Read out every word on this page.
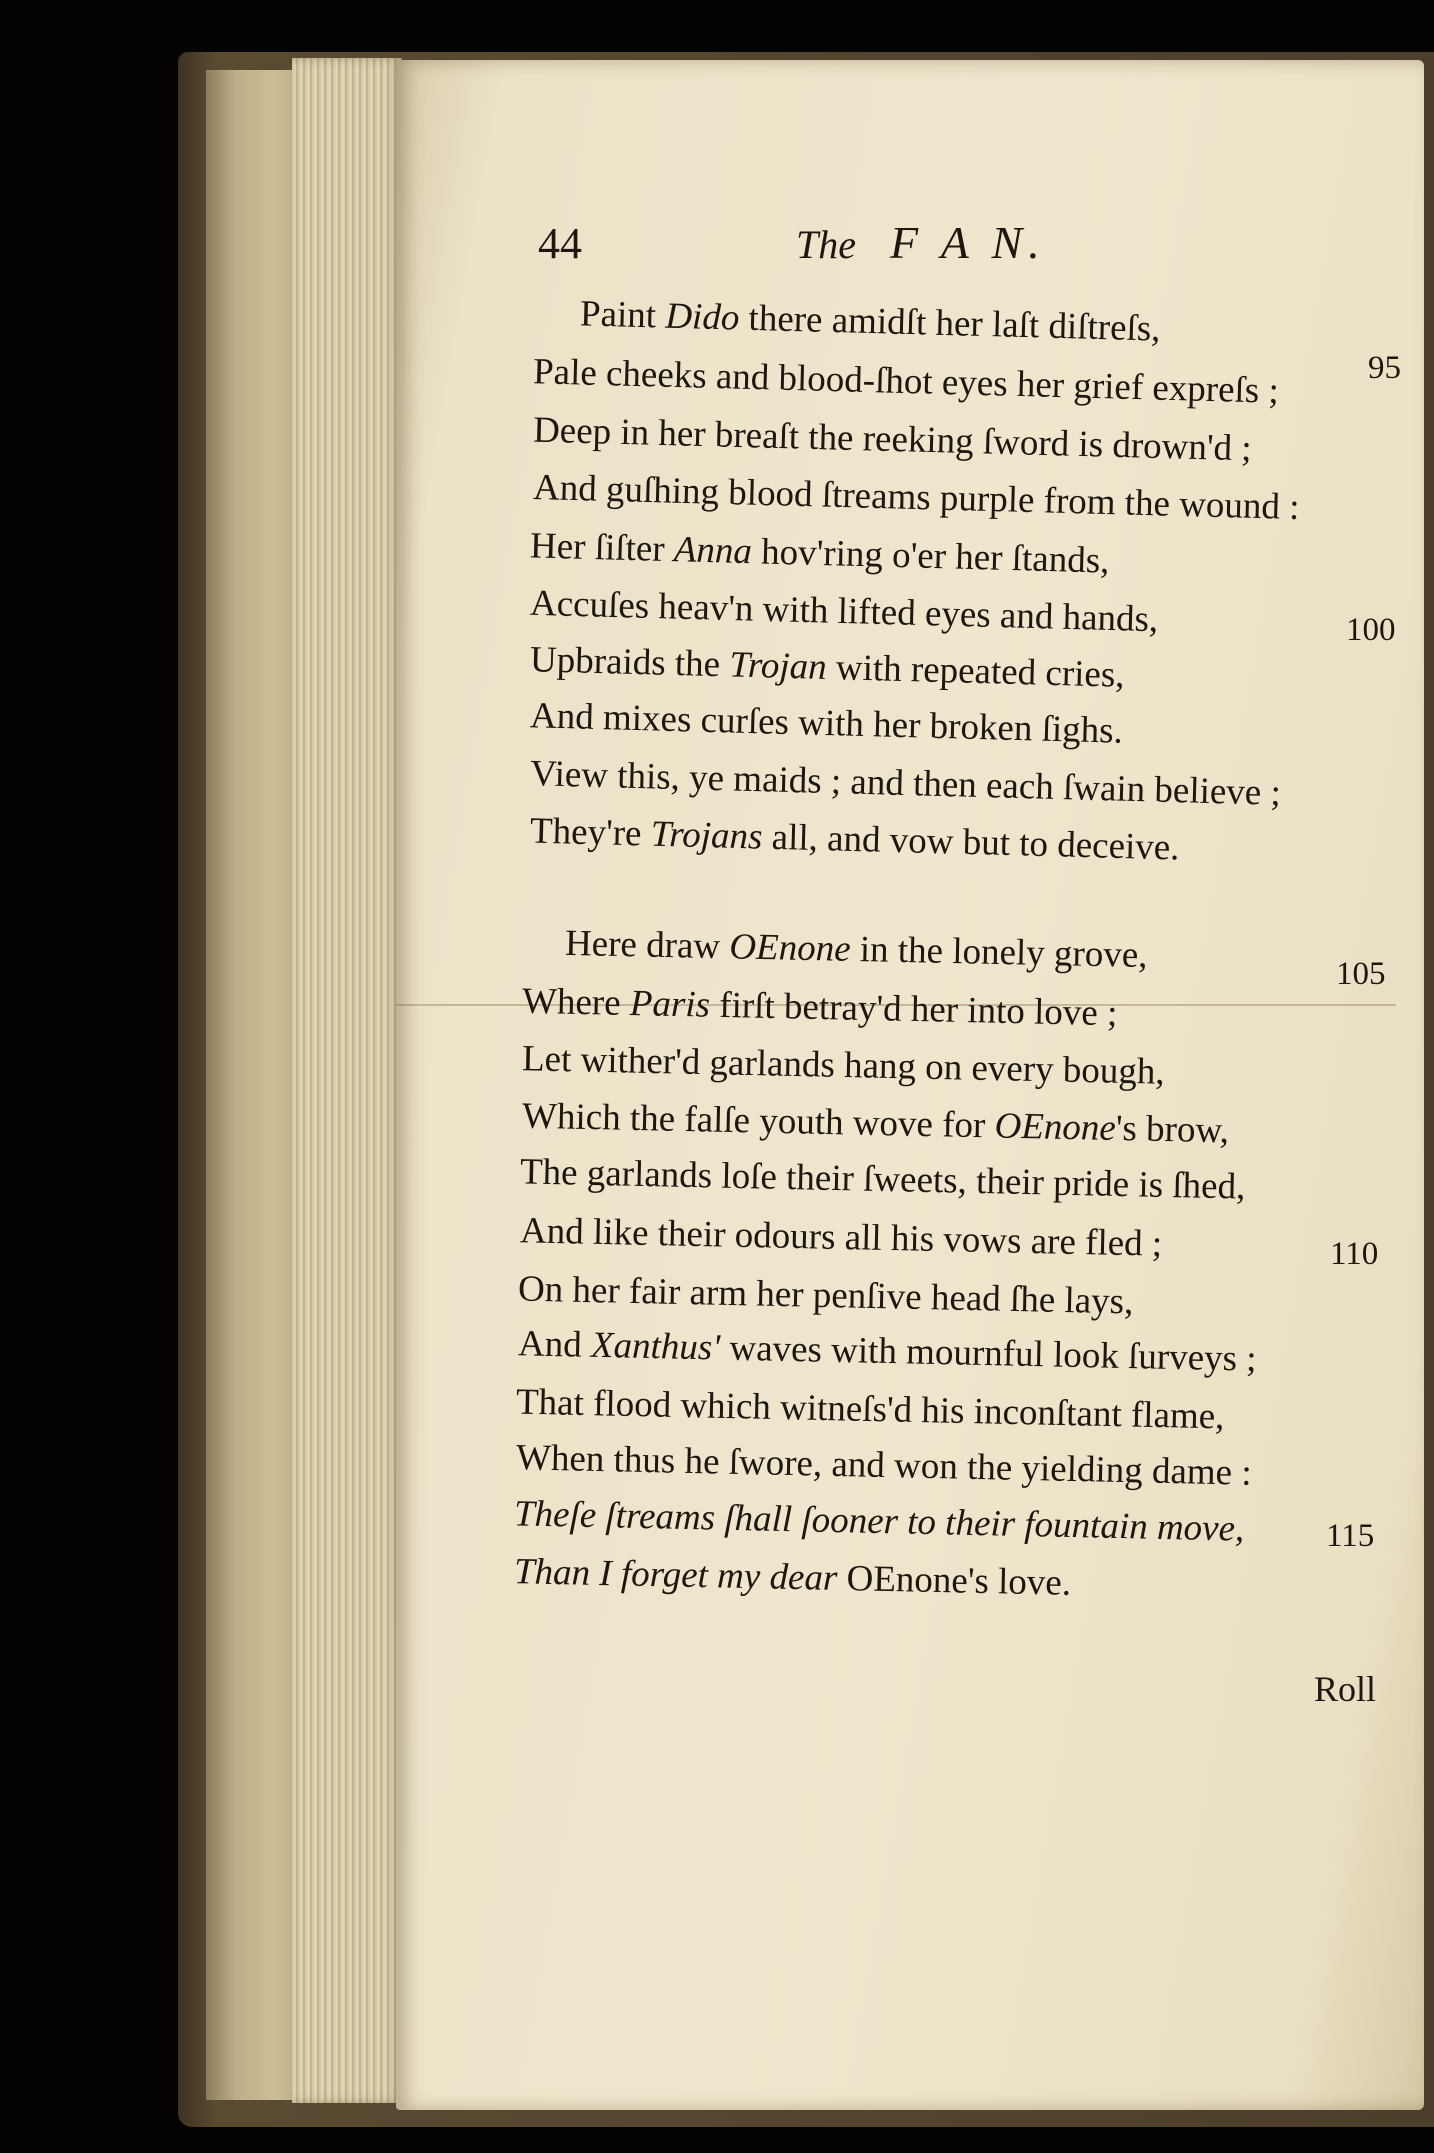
44	The F A N.
Paint Dido there amidſt her laſt diſtreſs,
Pale cheeks and blood-ſhot eyes her grief expreſs ;
Deep in her breaſt the reeking ſword is drown'd ;
And guſhing blood ſtreams purple from the wound :
Her ſiſter Anna hov'ring o'er her ſtands,
Accuſes heav'n with lifted eyes and hands,
Upbraids the Trojan with repeated cries,
And mixes curſes with her broken ſighs.
View this, ye maids ; and then each ſwain believe ;
They're Trojans all, and vow but to deceive.
Here draw OEnone in the lonely grove,
Where Paris firſt betray'd her into love ;
Let wither'd garlands hang on every bough,
Which the falſe youth wove for OEnone's brow,
The garlands loſe their ſweets, their pride is ſhed,
And like their odours all his vows are fled ;
On her fair arm her penſive head ſhe lays,
And Xanthus' waves with mournful look ſurveys ;
That flood which witneſs'd his inconſtant flame,
When thus he ſwore, and won the yielding dame :
Theſe ſtreams ſhall ſooner to their fountain move,
Than I forget my dear OEnone's love.
95
100
105
110
115
Roll
